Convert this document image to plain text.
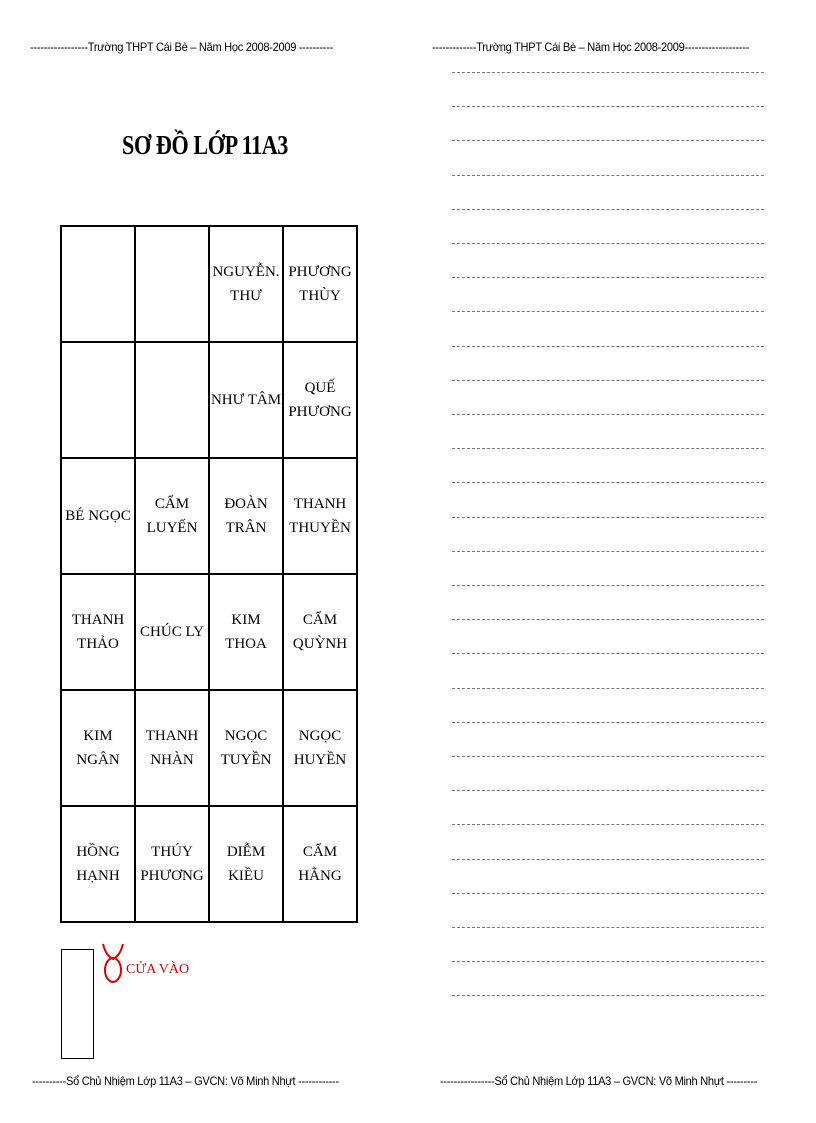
-----------------Trường THPT Cái Bè – Năm Học 2008-2009 ----------	-------------Trường THPT Cái Bè – Năm Học 2008-2009-------------------
SƠ ĐỒ LỚP 11A3
		NGUYỄN. THƯ	PHƯƠNG THÙY
		NHƯ TÂM	QUẾ PHƯƠNG
BÉ NGỌC	CẨM LUYẾN	ĐOÀN TRÂN	THANH THUYỀN
THANH THẢO	CHÚC LY	KIM THOA	CẨM QUỲNH
KIM NGÂN	THANH NHÀN	NGỌC TUYỀN	NGỌC HUYỀN
HỒNG HẠNH	THÚY PHƯƠNG	DIỄM KIỀU	CẨM HẰNG
CỬA VÀO
----------Sổ Chủ Nhiệm Lớp 11A3 – GVCN: Võ Minh Nhựt ------------	----------------Sổ Chủ Nhiệm Lớp 11A3 – GVCN: Võ Minh Nhựt ---------
